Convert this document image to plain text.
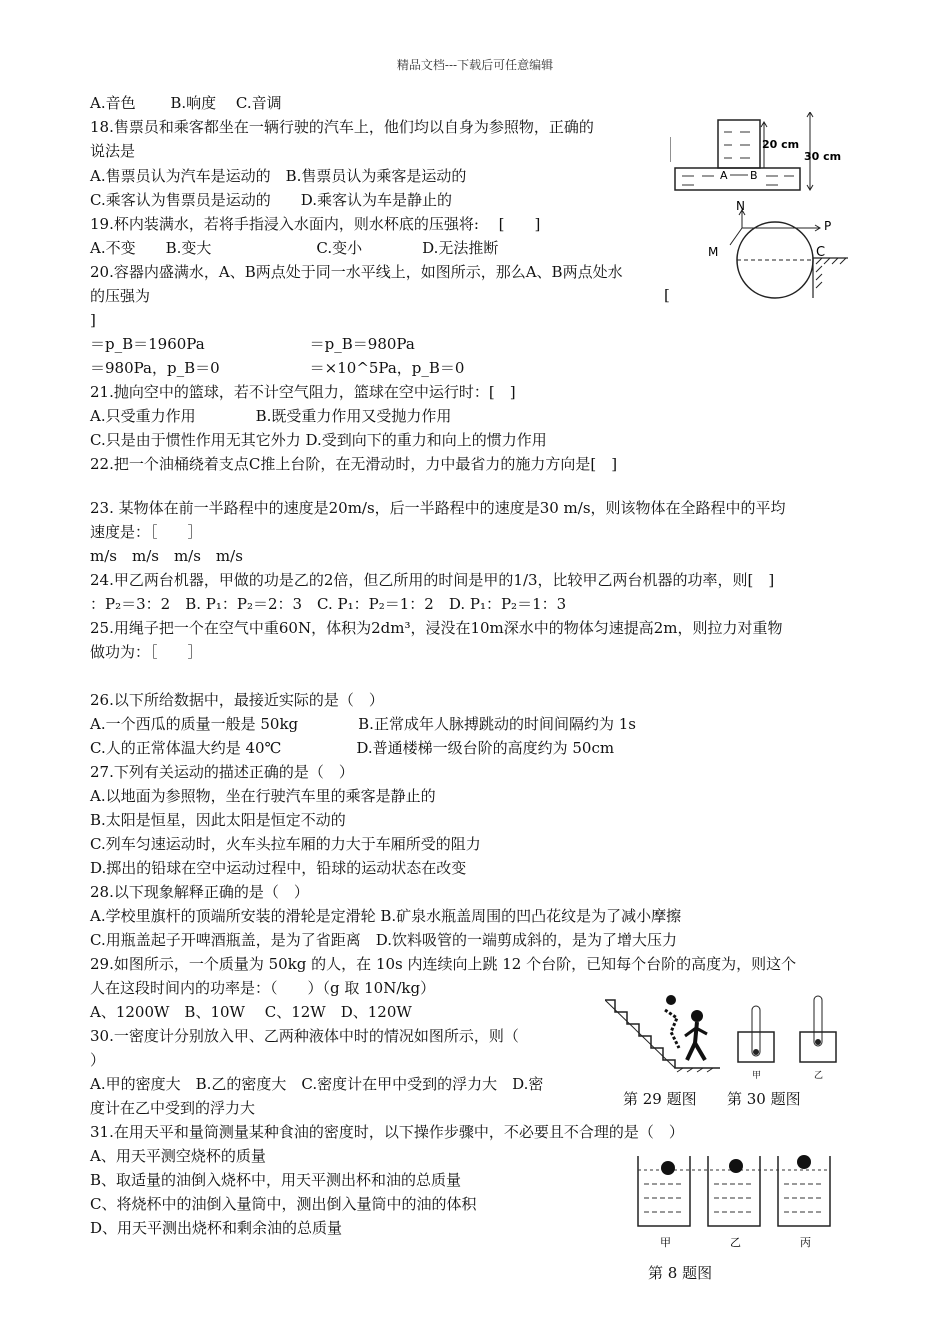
精品文档---下载后可任意编辑
A.音色　　 B.响度　 C.音调
18.售票员和乘客都坐在一辆行驶的汽车上，他们均以自身为参照物，正确的
说法是
A.售票员认为汽车是运动的　B.售票员认为乘客是运动的
C.乘客认为售票员是运动的　　D.乘客认为车是静止的
19.杯内装满水，若将手指浸入水面内，则水杯底的压强将:　 [　　]
A.不变　　B.变大　　　　　　　C.变小　　　　D.无法推断
20.容器内盛满水，A、B两点处于同一水平线上，如图所示，那么A、B两点处水
的压强为
]
＝p_B＝1960Pa　　　　　　　＝p_B＝980Pa
＝980Pa，p_B＝0　　　　　　＝×10^5Pa，p_B＝0
21.抛向空中的篮球，若不计空气阻力，篮球在空中运行时：[　]
A.只受重力作用　　　　B.既受重力作用又受抛力作用
C.只是由于惯性作用无其它外力 D.受到向下的重力和向上的惯力作用
22.把一个油桶绕着支点C推上台阶，在无滑动时，力中最省力的施力方向是[　]
23. 某物体在前一半路程中的速度是20m/s，后一半路程中的速度是30 m/s，则该物体在全路程中的平均
速度是：［　　］
m/s　m/s　m/s　m/s
24.甲乙两台机器，甲做的功是乙的2倍，但乙所用的时间是甲的1/3，比较甲乙两台机器的功率，则[　]
：P₂＝3：2　B. P₁：P₂＝2：3　C. P₁：P₂＝1：2　D. P₁：P₂＝1：3
25.用绳子把一个在空气中重60N，体积为2dm³，浸没在10m深水中的物体匀速提高2m，则拉力对重物
做功为：［　　］
26.以下所给数据中，最接近实际的是（　）
A.一个西瓜的质量一般是 50kg　　　　B.正常成年人脉搏跳动的时间间隔约为 1s
C.人的正常体温大约是 40℃　　　　　D.普通楼梯一级台阶的高度约为 50cm
27.下列有关运动的描述正确的是（　）
A.以地面为参照物，坐在行驶汽车里的乘客是静止的
B.太阳是恒星，因此太阳是恒定不动的
C.列车匀速运动时，火车头拉车厢的力大于车厢所受的阻力
D.掷出的铅球在空中运动过程中，铅球的运动状态在改变
28.以下现象解释正确的是（　）
A.学校里旗杆的顶端所安装的滑轮是定滑轮 B.矿泉水瓶盖周围的凹凸花纹是为了减小摩擦
C.用瓶盖起子开啤酒瓶盖，是为了省距离　D.饮料吸管的一端剪成斜的，是为了增大压力
29.如图所示，一个质量为 50kg 的人，在 10s 内连续向上跳 12 个台阶，已知每个台阶的高度为，则这个
人在这段时间内的功率是：（　　）（g 取 10N/kg）
A、1200W　B、10W　 C、12W　D、120W
30.一密度计分别放入甲、乙两种液体中时的情况如图所示，则（
）
A.甲的密度大　B.乙的密度大　C.密度计在甲中受到的浮力大　D.密
度计在乙中受到的浮力大
31.在用天平和量筒测量某种食油的密度时，以下操作步骤中，不必要且不合理的是（　）
A、用天平测空烧杯的质量
B、取适量的油倒入烧杯中，用天平测出杯和油的总质量
C、将烧杯中的油倒入量筒中，测出倒入量筒中的油的体积
D、用天平测出烧杯和剩余油的总质量
[
20 cm
30 cm
A B
N
P
M	C
甲	乙
第 29 题图 第 30 题图
甲	乙	丙
第 8 题图
